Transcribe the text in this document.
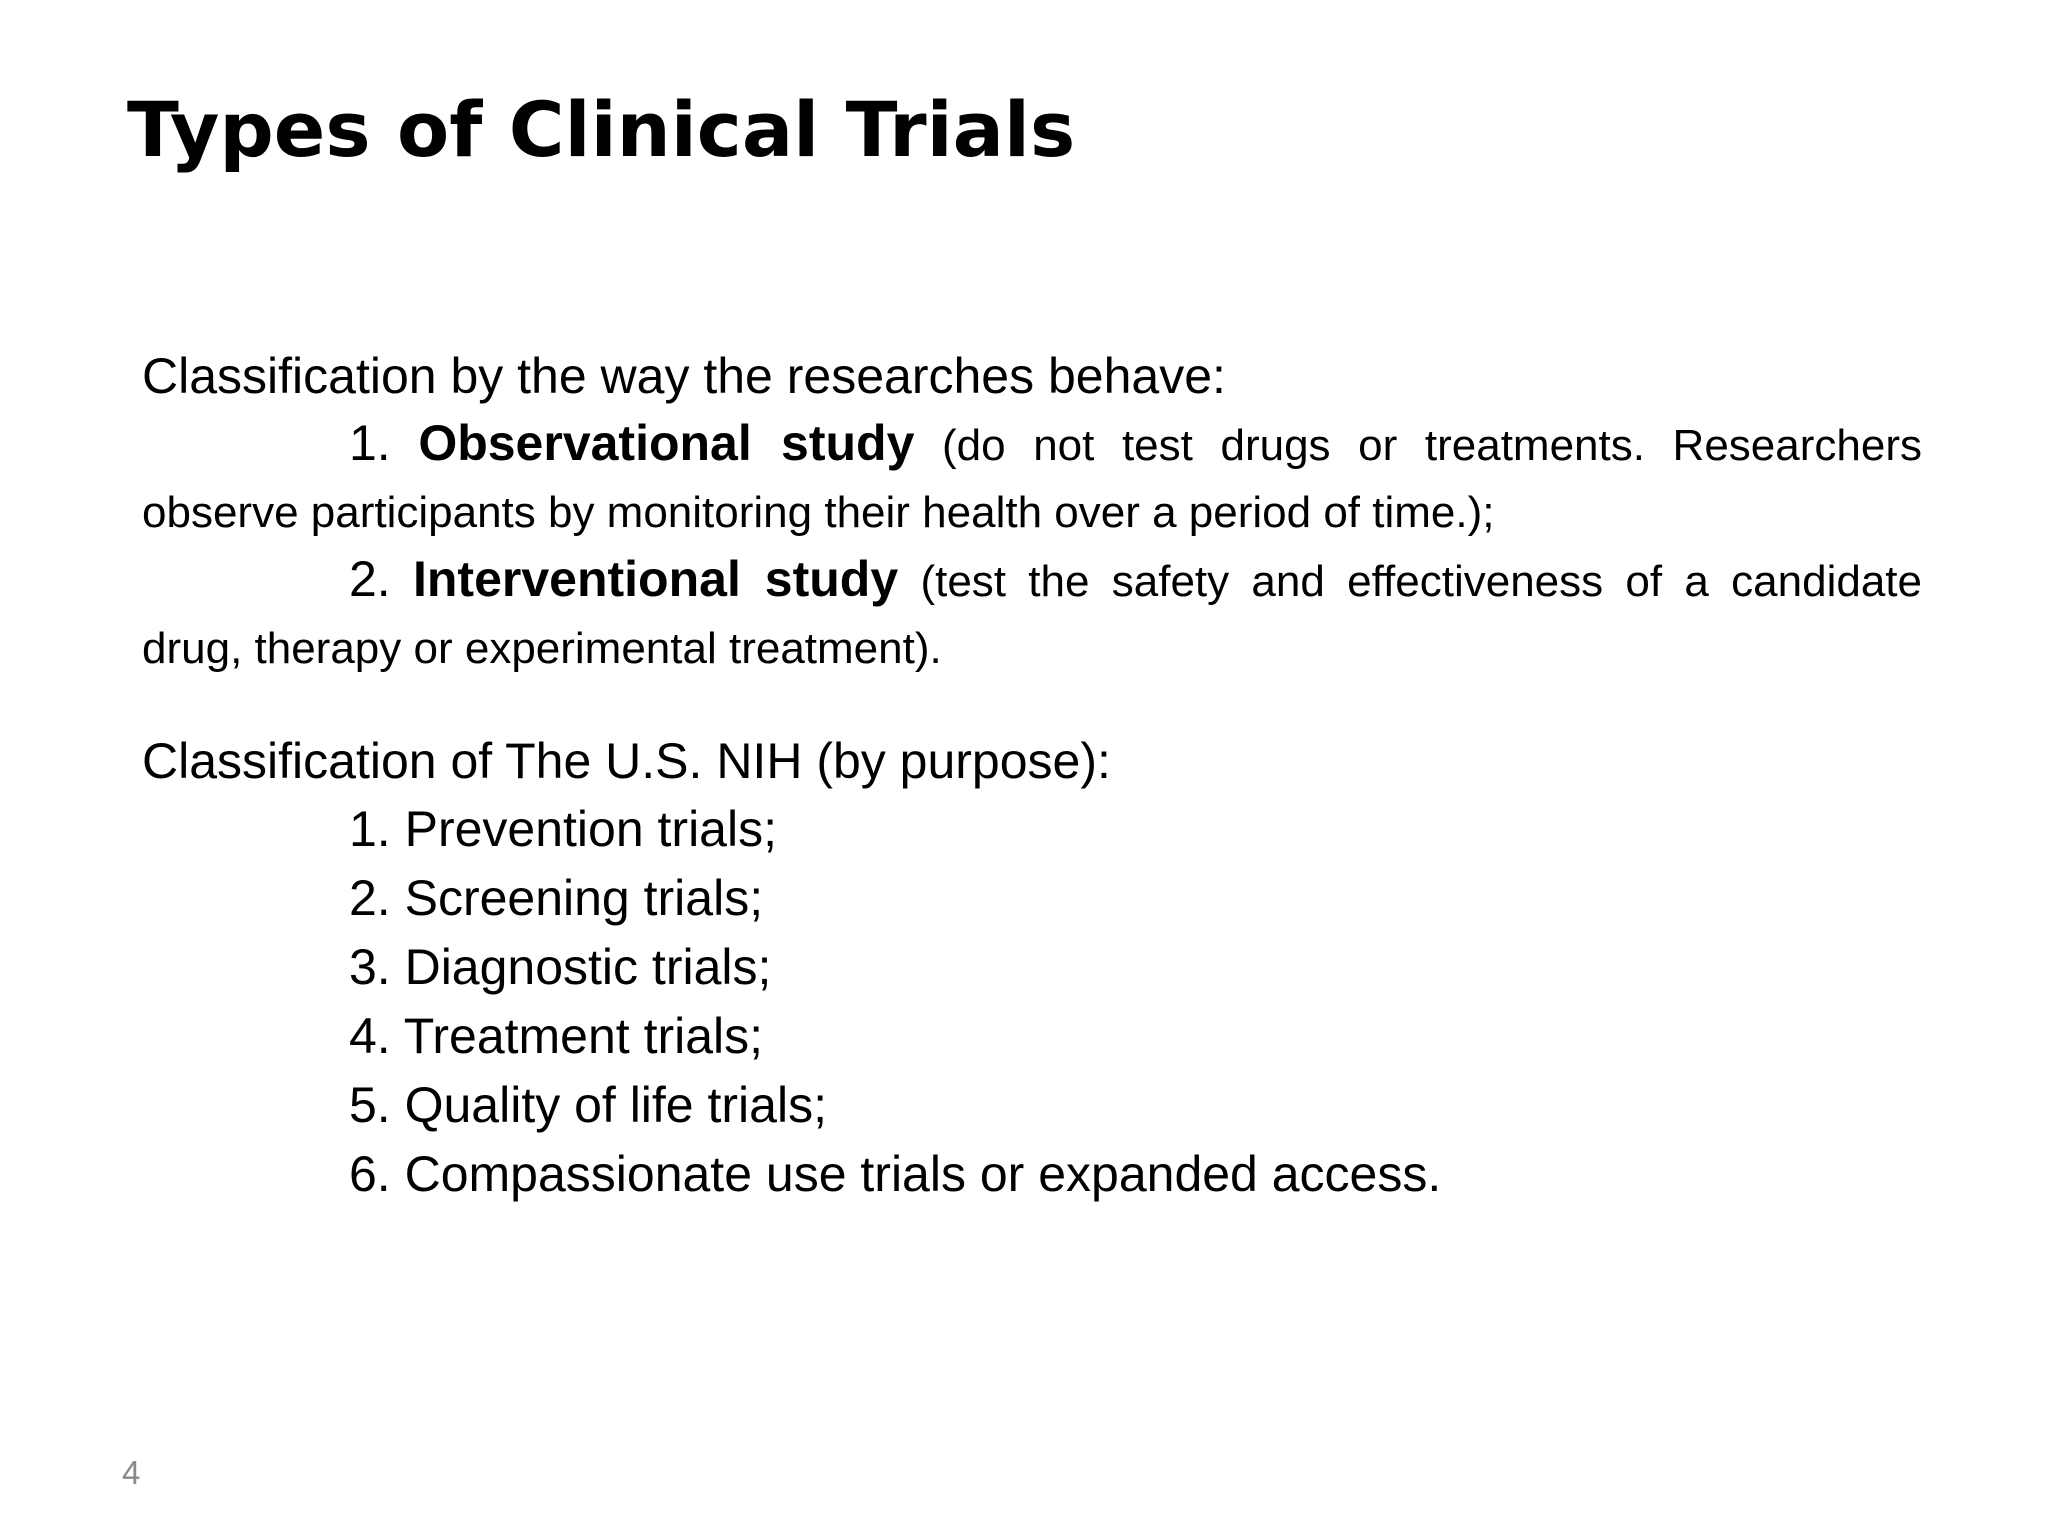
Types of Clinical Trials

Classification by the way the researches behave:

1. Observational study (do not test drugs or treatments. Researchers observe participants by monitoring their health over a period of time.);

2. Interventional study (test the safety and effectiveness of a candidate drug, therapy or experimental treatment).

Classification of The U.S. NIH (by purpose):

1. Prevention trials;
2. Screening trials;
3. Diagnostic trials;
4. Treatment trials;
5. Quality of life trials;
6. Compassionate use trials or expanded access.
4
